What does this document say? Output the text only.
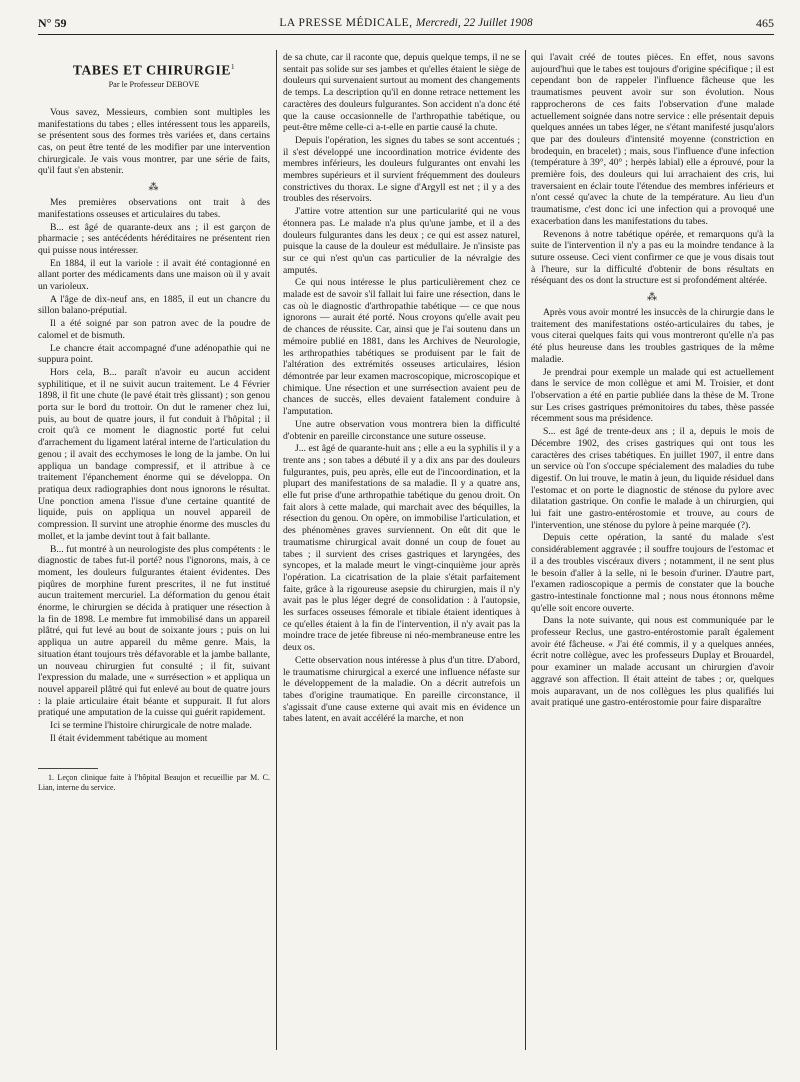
N° 59	LA PRESSE MÉDICALE, Mercredi, 22 Juillet 1908	465
TABES ET CHIRURGIE$^1$
Par le Professeur DEBOVE

Vous savez, Messieurs, combien sont multiples les manifestations du tabes ; elles intéressent tous les appareils, se présentent sous des formes très variées et, dans certains cas, on peut être tenté de les modifier par une intervention chirurgicale. Je vais vous montrer, par une série de faits, qu'il faut s'en abstenir.

⁂

Mes premières observations ont trait à des manifestations osseuses et articulaires du tabes.

B... est âgé de quarante-deux ans ; il est garçon de pharmacie ; ses antécédents héréditaires ne présentent rien qui puisse nous intéresser.

En 1884, il eut la variole : il avait été contagionné en allant porter des médicaments dans une maison où il y avait un varioleux.

A l'âge de dix-neuf ans, en 1885, il eut un chancre du sillon balano-préputial.

Il a été soigné par son patron avec de la poudre de calomel et de bismuth.

Le chancre était accompagné d'une adénopathie qui ne suppura point.

Hors cela, B... paraît n'avoir eu aucun accident syphilitique, et il ne suivit aucun traitement. Le 4 Février 1898, il fit une chute (le pavé était très glissant) ; son genou porta sur le bord du trottoir. On dut le ramener chez lui, puis, au bout de quatre jours, il fut conduit à l'hôpital ; il croit qu'à ce moment le diagnostic porté fut celui d'arrachement du ligament latéral interne de l'articulation du genou ; il avait des ecchymoses le long de la jambe. On lui appliqua un bandage compressif, et il attribue à ce traitement l'épanchement énorme qui se développa. On pratiqua deux radiographies dont nous ignorons le résultat. Une ponction amena l'issue d'une certaine quantité de liquide, puis on appliqua un nouvel appareil de compression. Il survint une atrophie énorme des muscles du mollet, et la jambe devint tout à fait ballante.

B... fut montré à un neurologiste des plus compétents : le diagnostic de tabes fut-il porté? nous l'ignorons, mais, à ce moment, les douleurs fulgurantes étaient évidentes. Des piqûres de morphine furent prescrites, il ne fut institué aucun traitement mercuriel. La déformation du genou était énorme, le chirurgien se décida à pratiquer une résection à la fin de 1898. Le membre fut immobilisé dans un appareil plâtré, qui fut levé au bout de soixante jours ; puis on lui appliqua un autre appareil du même genre. Mais, la situation étant toujours très défavorable et la jambe ballante, un nouveau chirurgien fut consulté ; il fit, suivant l'expression du malade, une « surrésection » et appliqua un nouvel appareil plâtré qui fut enlevé au bout de quatre jours : la plaie articulaire était béante et suppurait. Il fut alors pratiqué une amputation de la cuisse qui guérit rapidement.

Ici se termine l'histoire chirurgicale de notre malade.

Il était évidemment tabétique au moment

1. Leçon clinique faite à l'hôpital Beaujon et recueillie par M. C. Lian, interne du service.

de sa chute, car il raconte que, depuis quelque temps, il ne se sentait pas solide sur ses jambes et qu'elles étaient le siège de douleurs qui survenaient surtout au moment des changements de temps. La description qu'il en donne retrace nettement les caractères des douleurs fulgurantes. Son accident n'a donc été que la cause occasionnelle de l'arthropathie tabétique, ou peut-être même celle-ci a-t-elle en partie causé la chute.

Depuis l'opération, les signes du tabes se sont accentués ; il s'est développé une incoordination motrice évidente des membres inférieurs, les douleurs fulgurantes ont envahi les membres supérieurs et il survient fréquemment des douleurs constrictives du thorax. Le signe d'Argyll est net ; il y a des troubles des réservoirs.

J'attire votre attention sur une particularité qui ne vous étonnera pas. Le malade n'a plus qu'une jambe, et il a des douleurs fulgurantes dans les deux ; ce qui est assez naturel, puisque la cause de la douleur est médullaire. Je n'insiste pas sur ce qui n'est qu'un cas particulier de la névralgie des amputés.

Ce qui nous intéresse le plus particulièrement chez ce malade est de savoir s'il fallait lui faire une résection, dans le cas où le diagnostic d'arthropathie tabétique — ce que nous ignorons — aurait été porté. Nous croyons qu'elle avait peu de chances de réussite. Car, ainsi que je l'ai soutenu dans un mémoire publié en 1881, dans les Archives de Neurologie, les arthropathies tabétiques se produisent par le fait de l'altération des extrémités osseuses articulaires, lésion démontrée par leur examen macroscopique, microscopique et chimique. Une résection et une surrésection avaient peu de chances de succès, elles devaient fatalement conduire à l'amputation.

Une autre observation vous montrera bien la difficulté d'obtenir en pareille circonstance une suture osseuse.

J... est âgé de quarante-huit ans ; elle a eu la syphilis il y a trente ans ; son tabes a débuté il y a dix ans par des douleurs fulgurantes, puis, peu après, elle eut de l'incoordination, et la plupart des manifestations de sa maladie. Il y a quatre ans, elle fut prise d'une arthropathie tabétique du genou droit. On fait alors à cette malade, qui marchait avec des béquilles, la résection du genou. On opère, on immobilise l'articulation, et des phénomènes graves surviennent. On eût dit que le traumatisme chirurgical avait donné un coup de fouet au tabes ; il survient des crises gastriques et laryngées, des syncopes, et la malade meurt le vingt-cinquième jour après l'opération. La cicatrisation de la plaie s'était parfaitement faite, grâce à la rigoureuse asepsie du chirurgien, mais il n'y avait pas le plus léger degré de consolidation : à l'autopsie, les surfaces osseuses fémorale et tibiale étaient identiques à ce qu'elles étaient à la fin de l'intervention, il n'y avait pas la moindre trace de jetée fibreuse ni néo-membraneuse entre les deux os.

Cette observation nous intéresse à plus d'un titre. D'abord, le traumatisme chirurgical a exercé une influence néfaste sur le développement de la maladie. On a décrit autrefois un tabes d'origine traumatique. En pareille circonstance, il s'agissait d'une cause externe qui avait mis en évidence un tabes latent, en avait accéléré la marche, et non

qui l'avait créé de toutes pièces. En effet, nous savons aujourd'hui que le tabes est toujours d'origine spécifique ; il est cependant bon de rappeler l'influence fâcheuse que les traumatismes peuvent avoir sur son évolution. Nous rapprocherons de ces faits l'observation d'une malade actuellement soignée dans notre service : elle présentait depuis quelques années un tabes léger, ne s'étant manifesté jusqu'alors que par des douleurs d'intensité moyenne (constriction en brodequin, en bracelet) ; mais, sous l'influence d'une infection (température à 39°, 40° ; herpès labial) elle a éprouvé, pour la première fois, des douleurs qui lui arrachaient des cris, lui traversaient en éclair toute l'étendue des membres inférieurs et n'ont cessé qu'avec la chute de la température. Au lieu d'un traumatisme, c'est donc ici une infection qui a provoqué une exacerbation dans les manifestations du tabes.

Revenons à notre tabétique opérée, et remarquons qu'à la suite de l'intervention il n'y a pas eu la moindre tendance à la suture osseuse. Ceci vient confirmer ce que je vous disais tout à l'heure, sur la difficulté d'obtenir de bons résultats en réséquant des os dont la structure est si profondément altérée.

⁂

Après vous avoir montré les insuccès de la chirurgie dans le traitement des manifestations ostéo-articulaires du tabes, je vous citerai quelques faits qui vous montreront qu'elle n'a pas été plus heureuse dans les troubles gastriques de la même maladie.

Je prendrai pour exemple un malade qui est actuellement dans le service de mon collègue et ami M. Troisier, et dont l'observation a été en partie publiée dans la thèse de M. Trone sur Les crises gastriques prémonitoires du tabes, thèse passée récemment sous ma présidence.

S... est âgé de trente-deux ans ; il a, depuis le mois de Décembre 1902, des crises gastriques qui ont tous les caractères des crises tabétiques. En juillet 1907, il entre dans un service où l'on s'occupe spécialement des maladies du tube digestif. On lui trouve, le matin à jeun, du liquide résiduel dans l'estomac et on porte le diagnostic de sténose du pylore avec dilatation gastrique. On confie le malade à un chirurgien, qui lui fait une gastro-entérostomie et trouve, au cours de l'intervention, une sténose du pylore à peine marquée (?).

Depuis cette opération, la santé du malade s'est considérablement aggravée ; il souffre toujours de l'estomac et il a des troubles viscéraux divers ; notamment, il ne sent plus le besoin d'aller à la selle, ni le besoin d'uriner. D'autre part, l'examen radioscopique a permis de constater que la bouche gastro-intestinale fonctionne mal ; nous nous étonnons même qu'elle soit encore ouverte.

Dans la note suivante, qui nous est communiquée par le professeur Reclus, une gastro-entérostomie paraît également avoir été fâcheuse. « J'ai été commis, il y a quelques années, écrit notre collègue, avec les professeurs Duplay et Brouardel, pour examiner un malade accusant un chirurgien d'avoir aggravé son affection. Il était atteint de tabes ; or, quelques mois auparavant, un de nos collègues les plus qualifiés lui avait pratiqué une gastro-entérostomie pour faire disparaître
